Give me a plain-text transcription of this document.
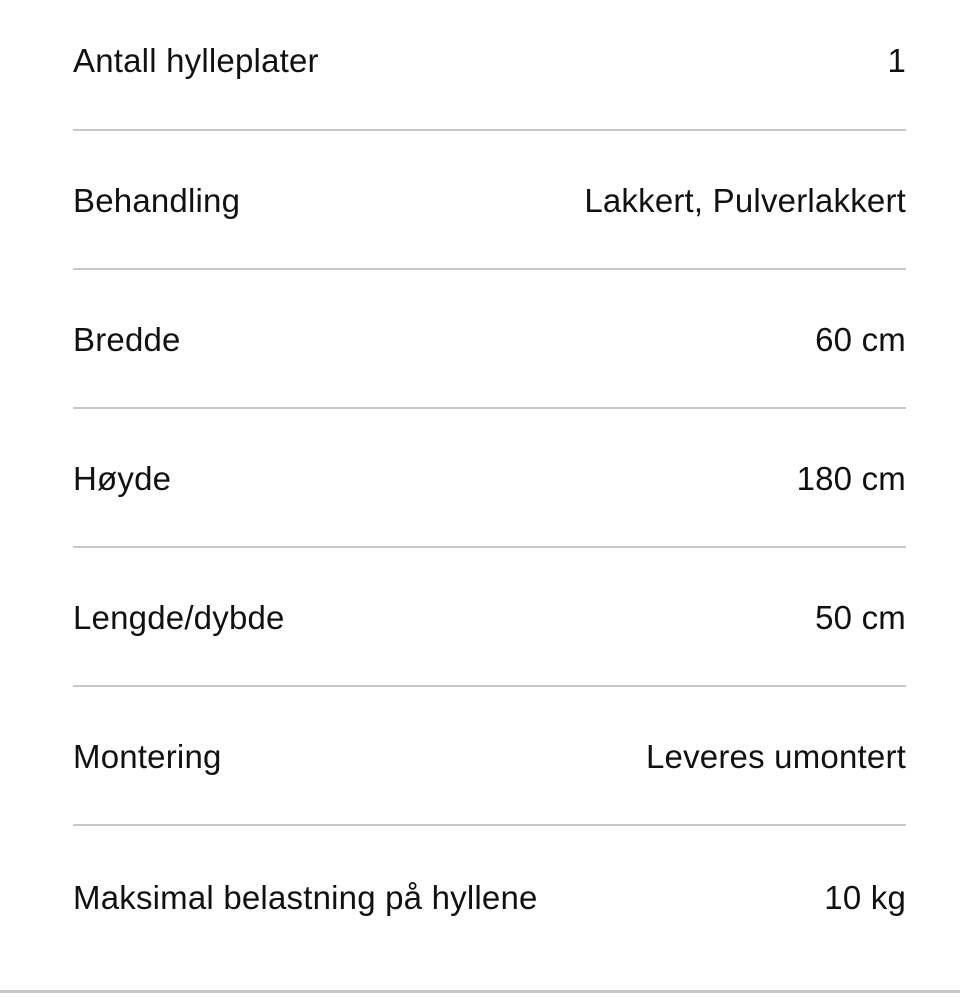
Antall hylleplater	1
Behandling	Lakkert, Pulverlakkert
Bredde	60 cm
Høyde	180 cm
Lengde/dybde	50 cm
Montering	Leveres umontert
Maksimal belastning på hyllene	10 kg
